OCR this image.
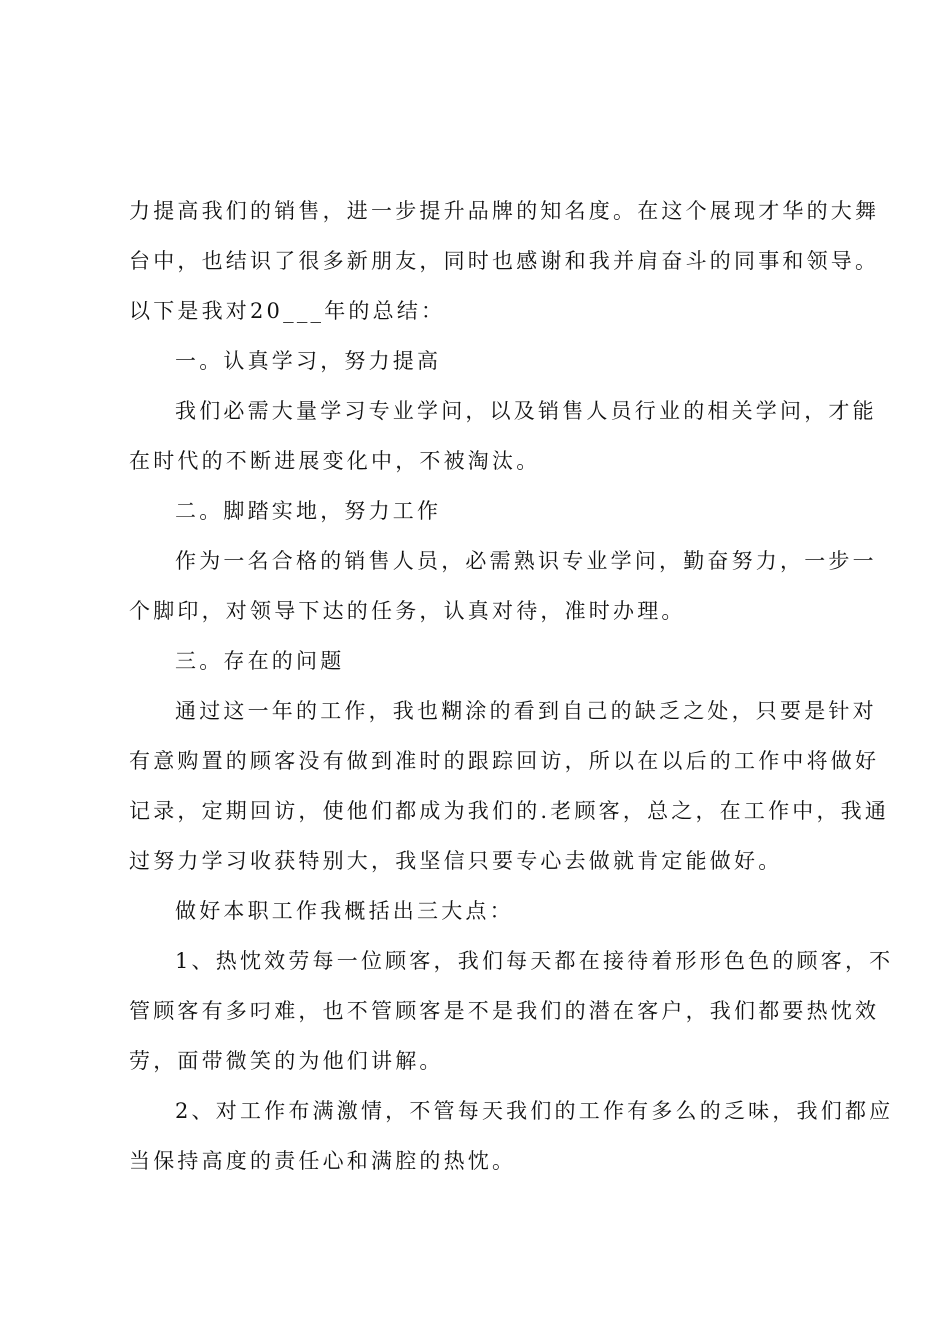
力提高我们的销售，进一步提升品牌的知名度。在这个展现才华的大舞
台中，也结识了很多新朋友，同时也感谢和我并肩奋斗的同事和领导。
以下是我对20___年的总结：
一。认真学习，努力提高
我们必需大量学习专业学问，以及销售人员行业的相关学问，才能
在时代的不断进展变化中，不被淘汰。
二。脚踏实地，努力工作
作为一名合格的销售人员，必需熟识专业学问，勤奋努力，一步一
个脚印，对领导下达的任务，认真对待，准时办理。
三。存在的问题
通过这一年的工作，我也糊涂的看到自己的缺乏之处，只要是针对
有意购置的顾客没有做到准时的跟踪回访，所以在以后的工作中将做好
记录，定期回访，使他们都成为我们的.老顾客，总之，在工作中，我通
过努力学习收获特别大，我坚信只要专心去做就肯定能做好。
做好本职工作我概括出三大点：
1、热忱效劳每一位顾客，我们每天都在接待着形形色色的顾客，不
管顾客有多叼难，也不管顾客是不是我们的潜在客户，我们都要热忱效
劳，面带微笑的为他们讲解。
2、对工作布满激情，不管每天我们的工作有多么的乏味，我们都应
当保持高度的责任心和满腔的热忱。
